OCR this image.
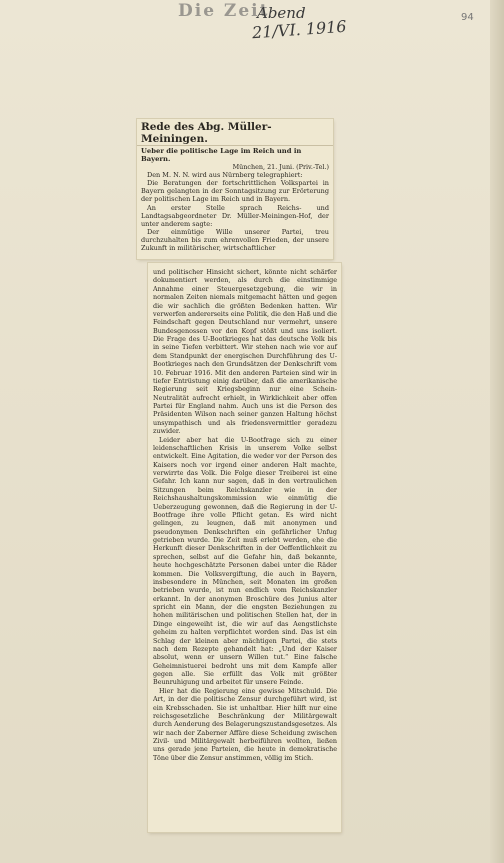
Die Zeit
Abend
21/VI. 1916	94
Rede des Abg. Müller-Meiningen.
Ueber die politische Lage im Reich und in Bayern.
München, 21. Juni. (Priv.-Tel.)

Den M. N. N. wird aus Nürnberg telegraphiert:

Die Beratungen der fortschrittlichen Volkspartei in Bayern gelangten in der Sonntagsitzung zur Erörterung der politischen Lage im Reich und in Bayern.

An erster Stelle sprach Reichs- und Landtagsabgeordneter Dr. Müller-Meiningen-Hof, der unter anderem sagte:

Der einmütige Wille unserer Partei, treu durchzuhalten bis zum ehrenvollen Frieden, der unsere Zukunft in militärischer, wirtschaftlicher

und politischer Hinsicht sichert, könnte nicht schärfer dokumentiert werden, als durch die einstimmige Annahme einer Steuergesetzgebung, die wir in normalen Zeiten niemals mitgemacht hätten und gegen die wir sachlich die größten Bedenken hatten. Wir verwerfen andererseits eine Politik, die den Haß und die Feindschaft gegen Deutschland nur vermehrt, unsere Bundesgenossen vor den Kopf stößt und uns isoliert. Die Frage des U-Bootkrieges hat das deutsche Volk bis in seine Tiefen verbittert. Wir stehen nach wie vor auf dem Standpunkt der energischen Durchführung des U-Bootkrieges nach den Grundsätzen der Denkschrift vom 10. Februar 1916. Mit den anderen Parteien sind wir in tiefer Entrüstung einig darüber, daß die amerikanische Regierung seit Kriegsbeginn nur eine Schein-Neutralität aufrecht erhielt, in Wirklichkeit aber offen Partei für England nahm. Auch uns ist die Person des Präsidenten Wilson nach seiner ganzen Haltung höchst unsympathisch und als friedensvermittler geradezu zuwider.

Leider aber hat die U-Bootfrage sich zu einer leidenschaftlichen Krisis in unserem Volke selbst entwickelt. Eine Agitation, die weder vor der Person des Kaisers noch vor irgend einer anderen Halt machte, verwirrte das Volk. Die Folge dieser Treiberei ist eine Gefahr. Ich kann nur sagen, daß in den vertraulichen Sitzungen beim Reichskanzler wie in der Reichshaushaltungskommission wie einmütig die Ueberzeugung gewonnen, daß die Regierung in der U-Bootfrage ihre volle Pflicht getan. Es wird nicht gelingen, zu leugnen, daß mit anonymen und pseudonymen Denkschriften ein gefährlicher Unfug getrieben wurde. Die Zeit muß erlebt werden, ehe die Herkunft dieser Denkschriften in der Oeffentlichkeit zu sprechen, selbst auf die Gefahr hin, daß bekannte, heute hochgeschätzte Personen dabei unter die Räder kommen. Die Volksvergiftung, die auch in Bayern, insbesondere in München, seit Monaten im großen betrieben wurde, ist nun endlich vom Reichskanzler erkannt. In der anonymen Broschüre des Junius alter spricht ein Mann, der die engsten Beziehungen zu hohen militärischen und politischen Stellen hat, der in Dinge eingeweiht ist, die wir auf das Aengstlichste geheim zu halten verpflichtet worden sind. Das ist ein Schlag der kleinen aber mächtigen Partei, die stets nach dem Rezepte gehandelt hat: „Und der Kaiser absolut, wenn er unsern Willen tut.“ Eine falsche Geheimnistuerei bedroht uns mit dem Kampfe aller gegen alle. Sie erfüllt das Volk mit größter Beunruhigung und arbeitet für unsere Feinde.

Hier hat die Regierung eine gewisse Mitschuld. Die Art, in der die politische Zensur durchgeführt wird, ist ein Krebsschaden. Sie ist unhaltbar. Hier hilft nur eine reichsgesetzliche Beschränkung der Militärgewalt durch Aenderung des Belagerungszustandsgesetzes. Als wir nach der Zaberner Affäre diese Scheidung zwischen Zivil- und Militärgewalt herbeiführen wollten, ließen uns gerade jene Parteien, die heute in demokratische Töne über die Zensur anstimmen, völlig im Stich.
